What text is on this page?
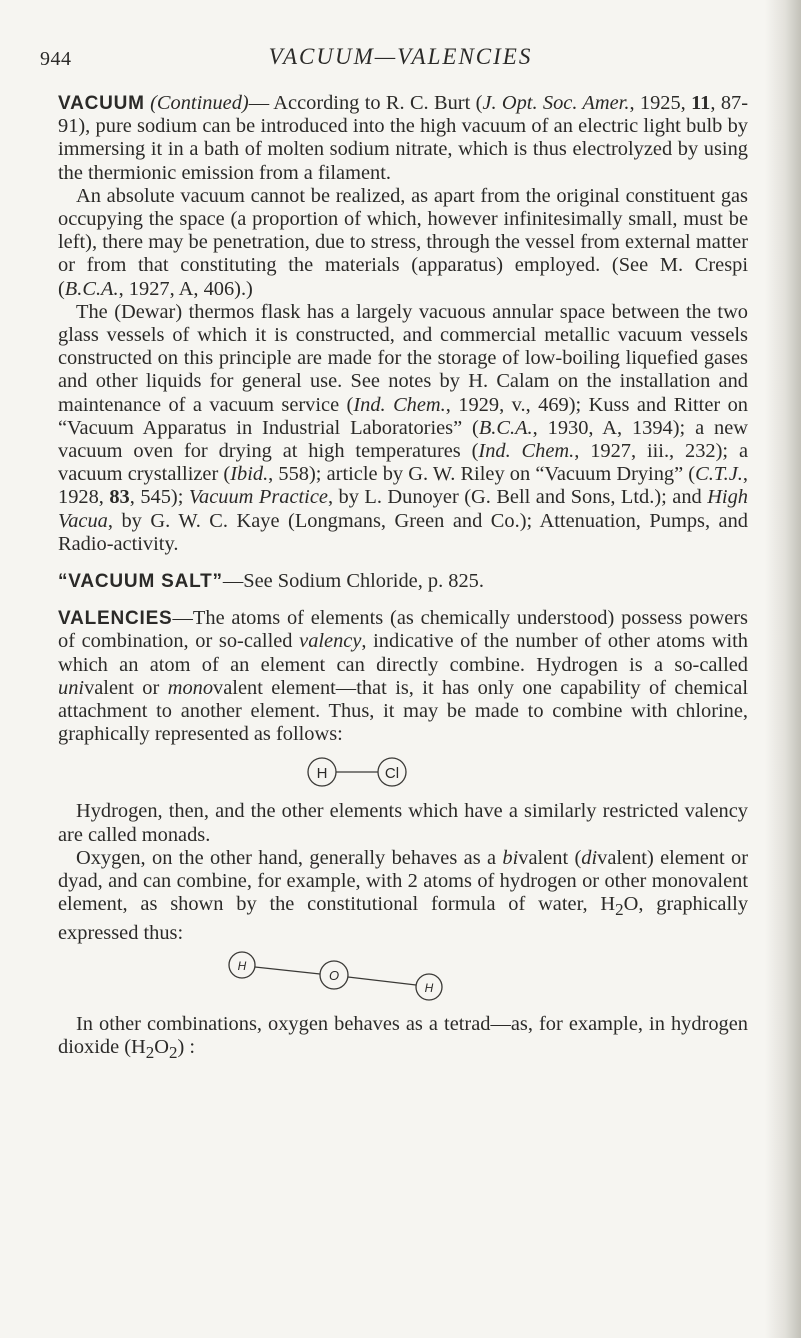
944	VACUUM—VALENCIES

VACUUM (Continued)— According to R. C. Burt (J. Opt. Soc. Amer., 1925, 11, 87-91), pure sodium can be introduced into the high vacuum of an electric light bulb by immersing it in a bath of molten sodium nitrate, which is thus electrolyzed by using the thermionic emission from a filament.

An absolute vacuum cannot be realized, as apart from the original constituent gas occupying the space (a proportion of which, however infinitesimally small, must be left), there may be penetration, due to stress, through the vessel from external matter or from that constituting the materials (apparatus) employed. (See M. Crespi (B.C.A., 1927, A, 406).)

The (Dewar) thermos flask has a largely vacuous annular space between the two glass vessels of which it is constructed, and commercial metallic vacuum vessels constructed on this principle are made for the storage of low-boiling liquefied gases and other liquids for general use. See notes by H. Calam on the installation and maintenance of a vacuum service (Ind. Chem., 1929, v., 469); Kuss and Ritter on “Vacuum Apparatus in Industrial Laboratories” (B.C.A., 1930, A, 1394); a new vacuum oven for drying at high temperatures (Ind. Chem., 1927, iii., 232); a vacuum crystallizer (Ibid., 558); article by G. W. Riley on “Vacuum Drying” (C.T.J., 1928, 83, 545); Vacuum Practice, by L. Dunoyer (G. Bell and Sons, Ltd.); and High Vacua, by G. W. C. Kaye (Longmans, Green and Co.); Attenuation, Pumps, and Radio-activity.

“VACUUM SALT”—See Sodium Chloride, p. 825.

VALENCIES—The atoms of elements (as chemically understood) possess powers of combination, or so-called valency, indicative of the number of other atoms with which an atom of an element can directly combine. Hydrogen is a so-called univalent or monovalent element—that is, it has only one capability of chemical attachment to another element. Thus, it may be made to combine with chlorine, graphically represented as follows:

H	Cl

Hydrogen, then, and the other elements which have a similarly restricted valency are called monads.

Oxygen, on the other hand, generally behaves as a bivalent (divalent) element or dyad, and can combine, for example, with 2 atoms of hydrogen or other monovalent element, as shown by the constitutional formula of water, $H_2O$, graphically expressed thus:

H
O
H

In other combinations, oxygen behaves as a tetrad—as, for example, in hydrogen dioxide $(H_2O_2)$ :
